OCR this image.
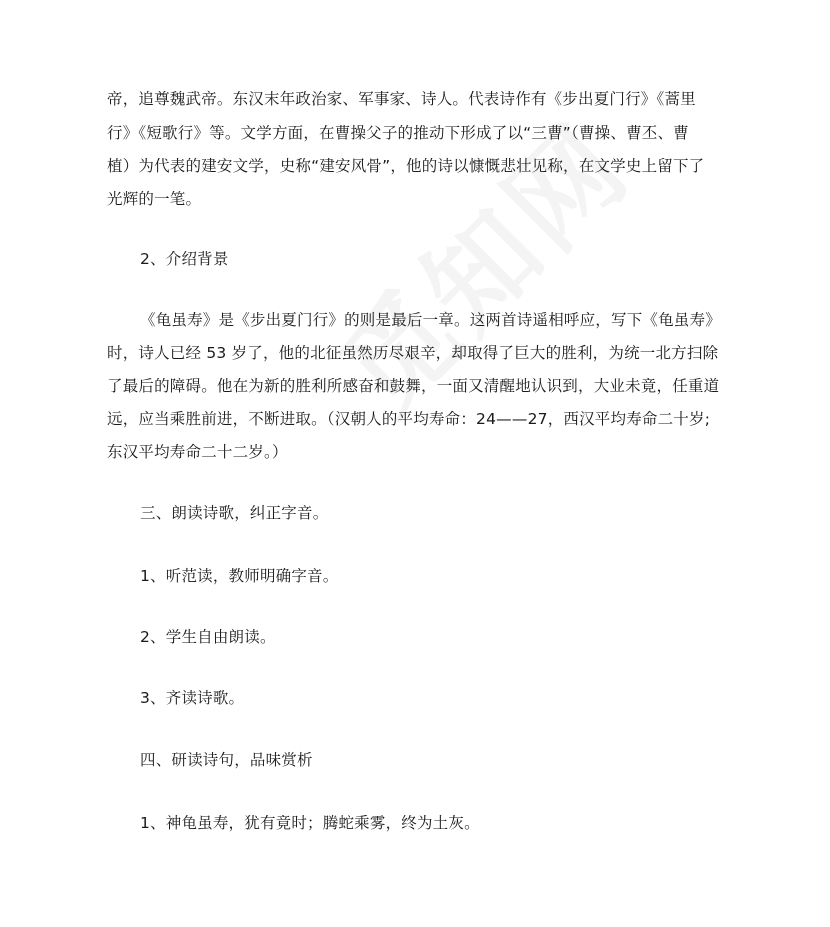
帝，追尊魏武帝。东汉末年政治家、军事家、诗人。代表诗作有《步出夏门行》《蒿里
行》《短歌行》等。文学方面，在曹操父子的推动下形成了以“三曹”（曹操、曹丕、曹
植）为代表的建安文学，史称“建安风骨”，他的诗以慷慨悲壮见称，在文学史上留下了
光辉的一笔。
2、介绍背景
《龟虽寿》是《步出夏门行》的则是最后一章。这两首诗遥相呼应，写下《龟虽寿》
时，诗人已经 53 岁了，他的北征虽然历尽艰辛，却取得了巨大的胜利，为统一北方扫除
了最后的障碍。他在为新的胜利所感奋和鼓舞，一面又清醒地认识到，大业未竟，任重道
远，应当乘胜前进，不断进取。（汉朝人的平均寿命：24——27，西汉平均寿命二十岁;
东汉平均寿命二十二岁。）
三、朗读诗歌，纠正字音。
1、听范读，教师明确字音。
2、学生自由朗读。
3、齐读诗歌。
四、研读诗句，品味赏析
1、神龟虽寿，犹有竟时；腾蛇乘雾，终为土灰。
